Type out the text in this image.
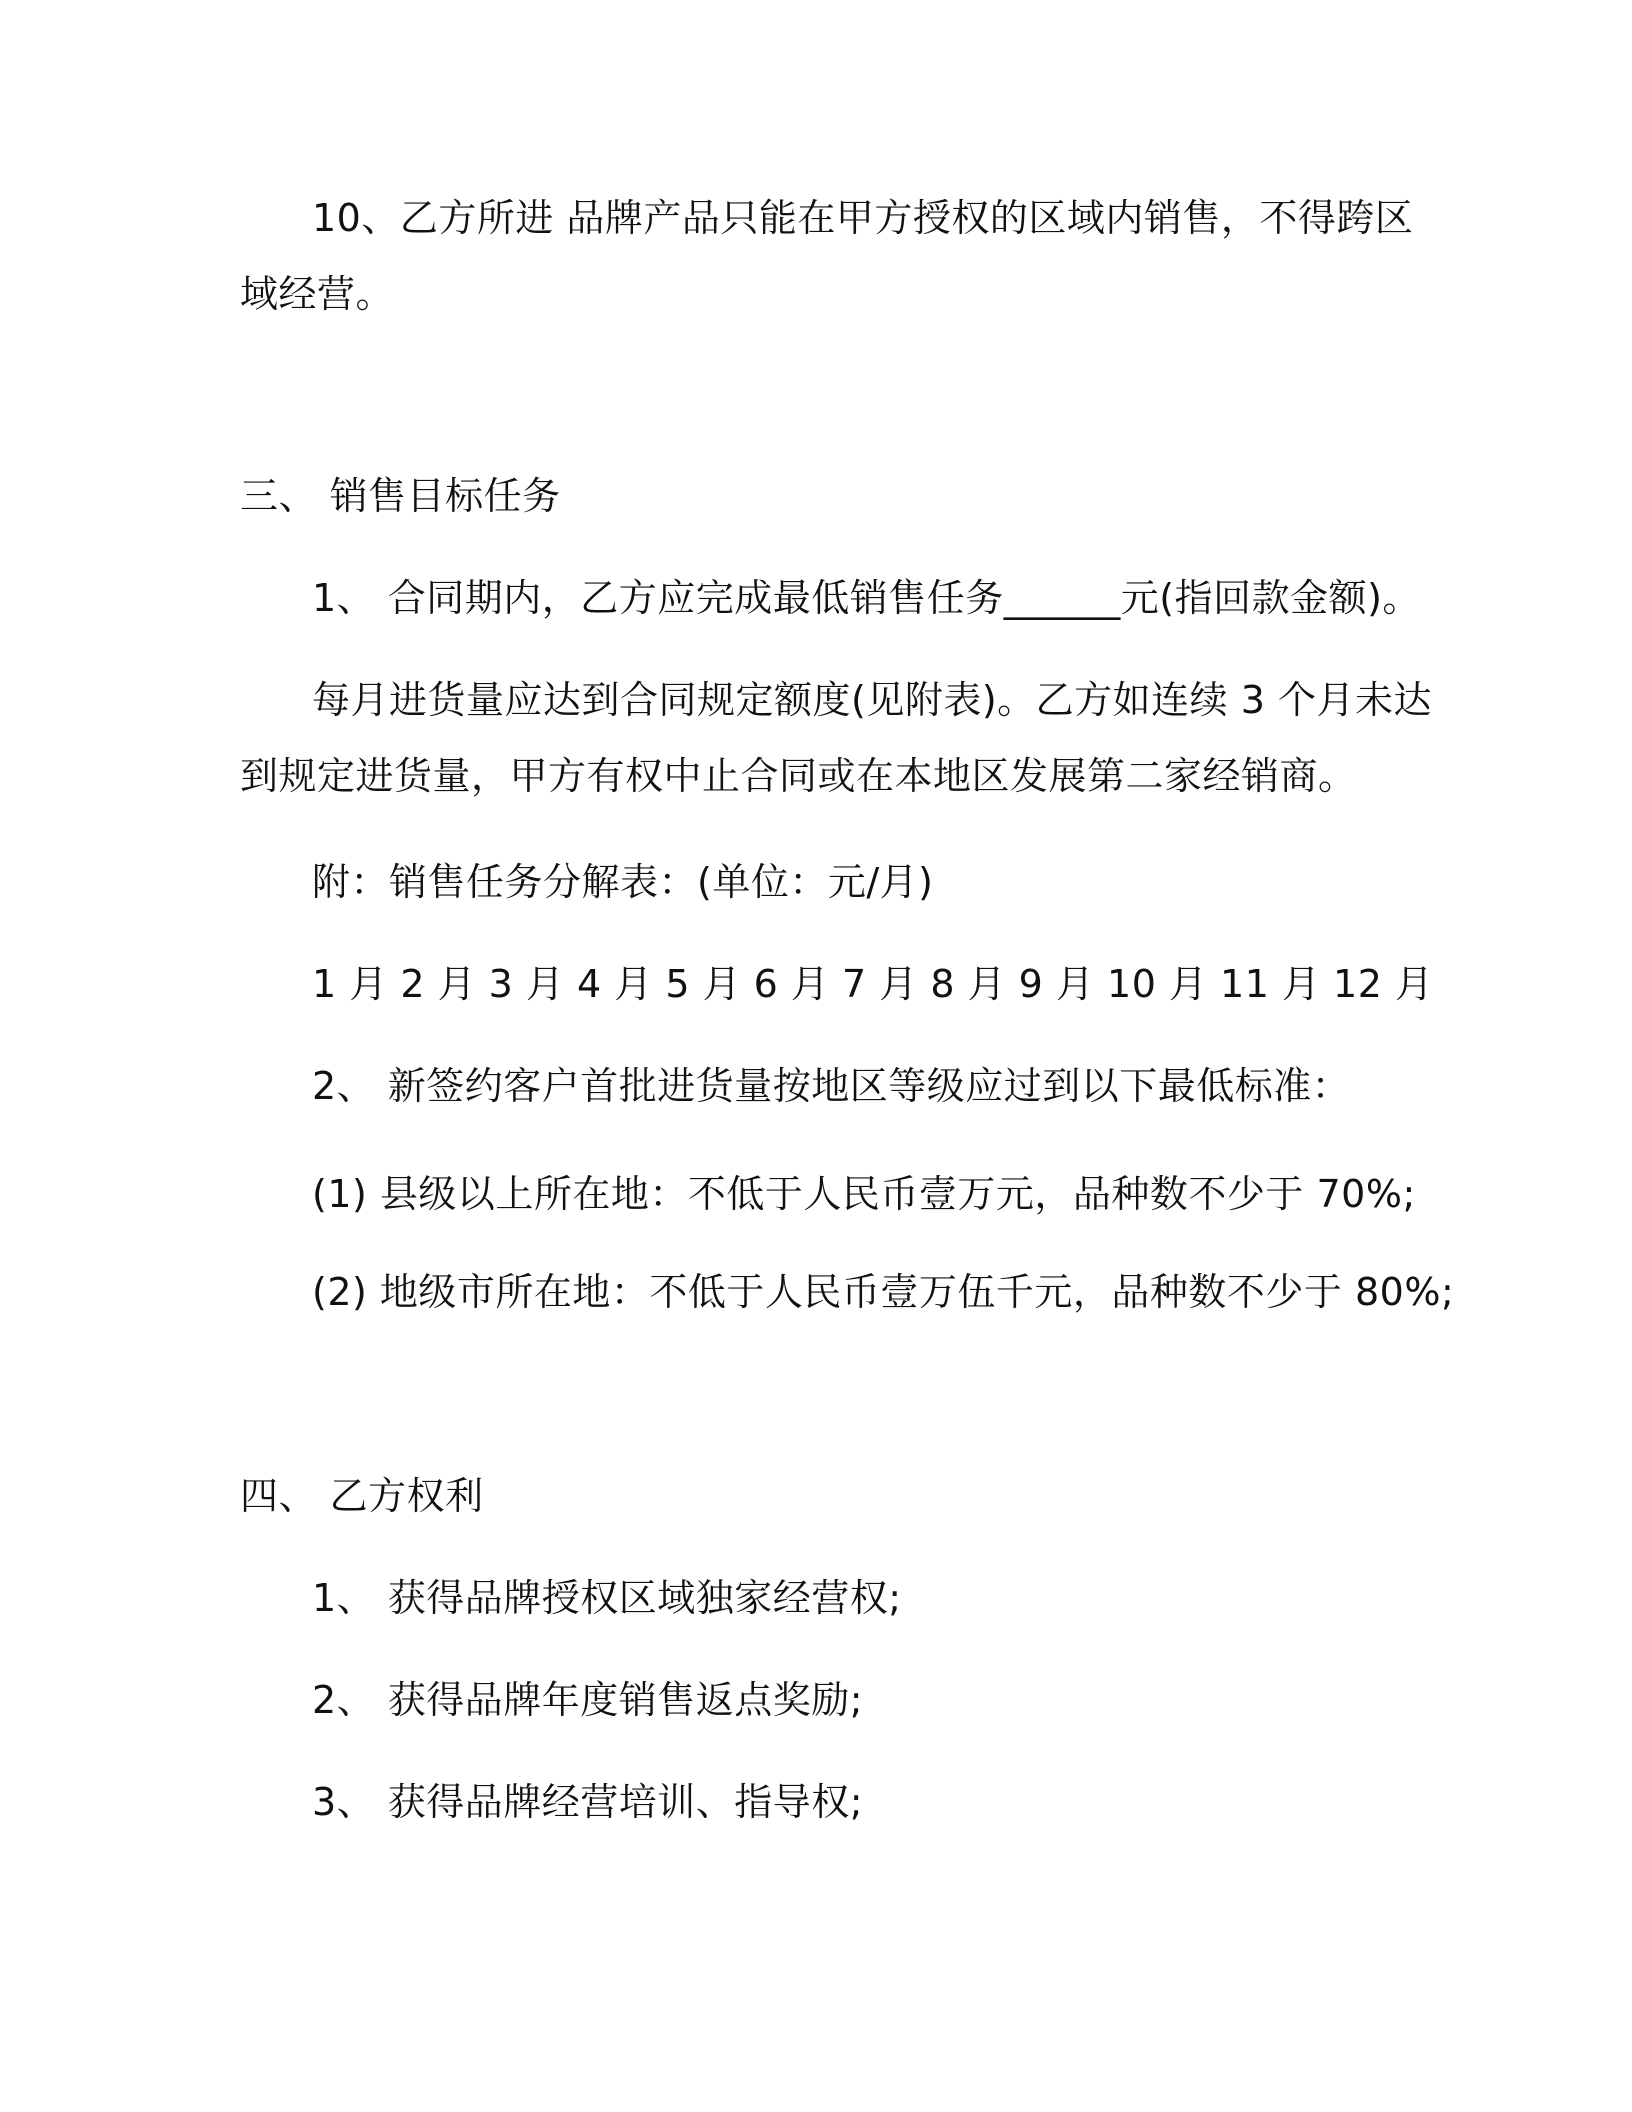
10、乙方所进 品牌产品只能在甲方授权的区域内销售，不得跨区

域经营。

三、 销售目标任务

1、 合同期内，乙方应完成最低销售任务______元(指回款金额)。

每月进货量应达到合同规定额度(见附表)。乙方如连续 3 个月未达

到规定进货量，甲方有权中止合同或在本地区发展第二家经销商。

附：销售任务分解表：(单位：元/月)

1 月 2 月 3 月 4 月 5 月 6 月 7 月 8 月 9 月 10 月 11 月 12 月

2、 新签约客户首批进货量按地区等级应过到以下最低标准：

(1) 县级以上所在地：不低于人民币壹万元，品种数不少于 70%;

(2) 地级市所在地：不低于人民币壹万伍千元，品种数不少于 80%;

四、 乙方权利

1、 获得品牌授权区域独家经营权;

2、 获得品牌年度销售返点奖励;

3、 获得品牌经营培训、指导权;
